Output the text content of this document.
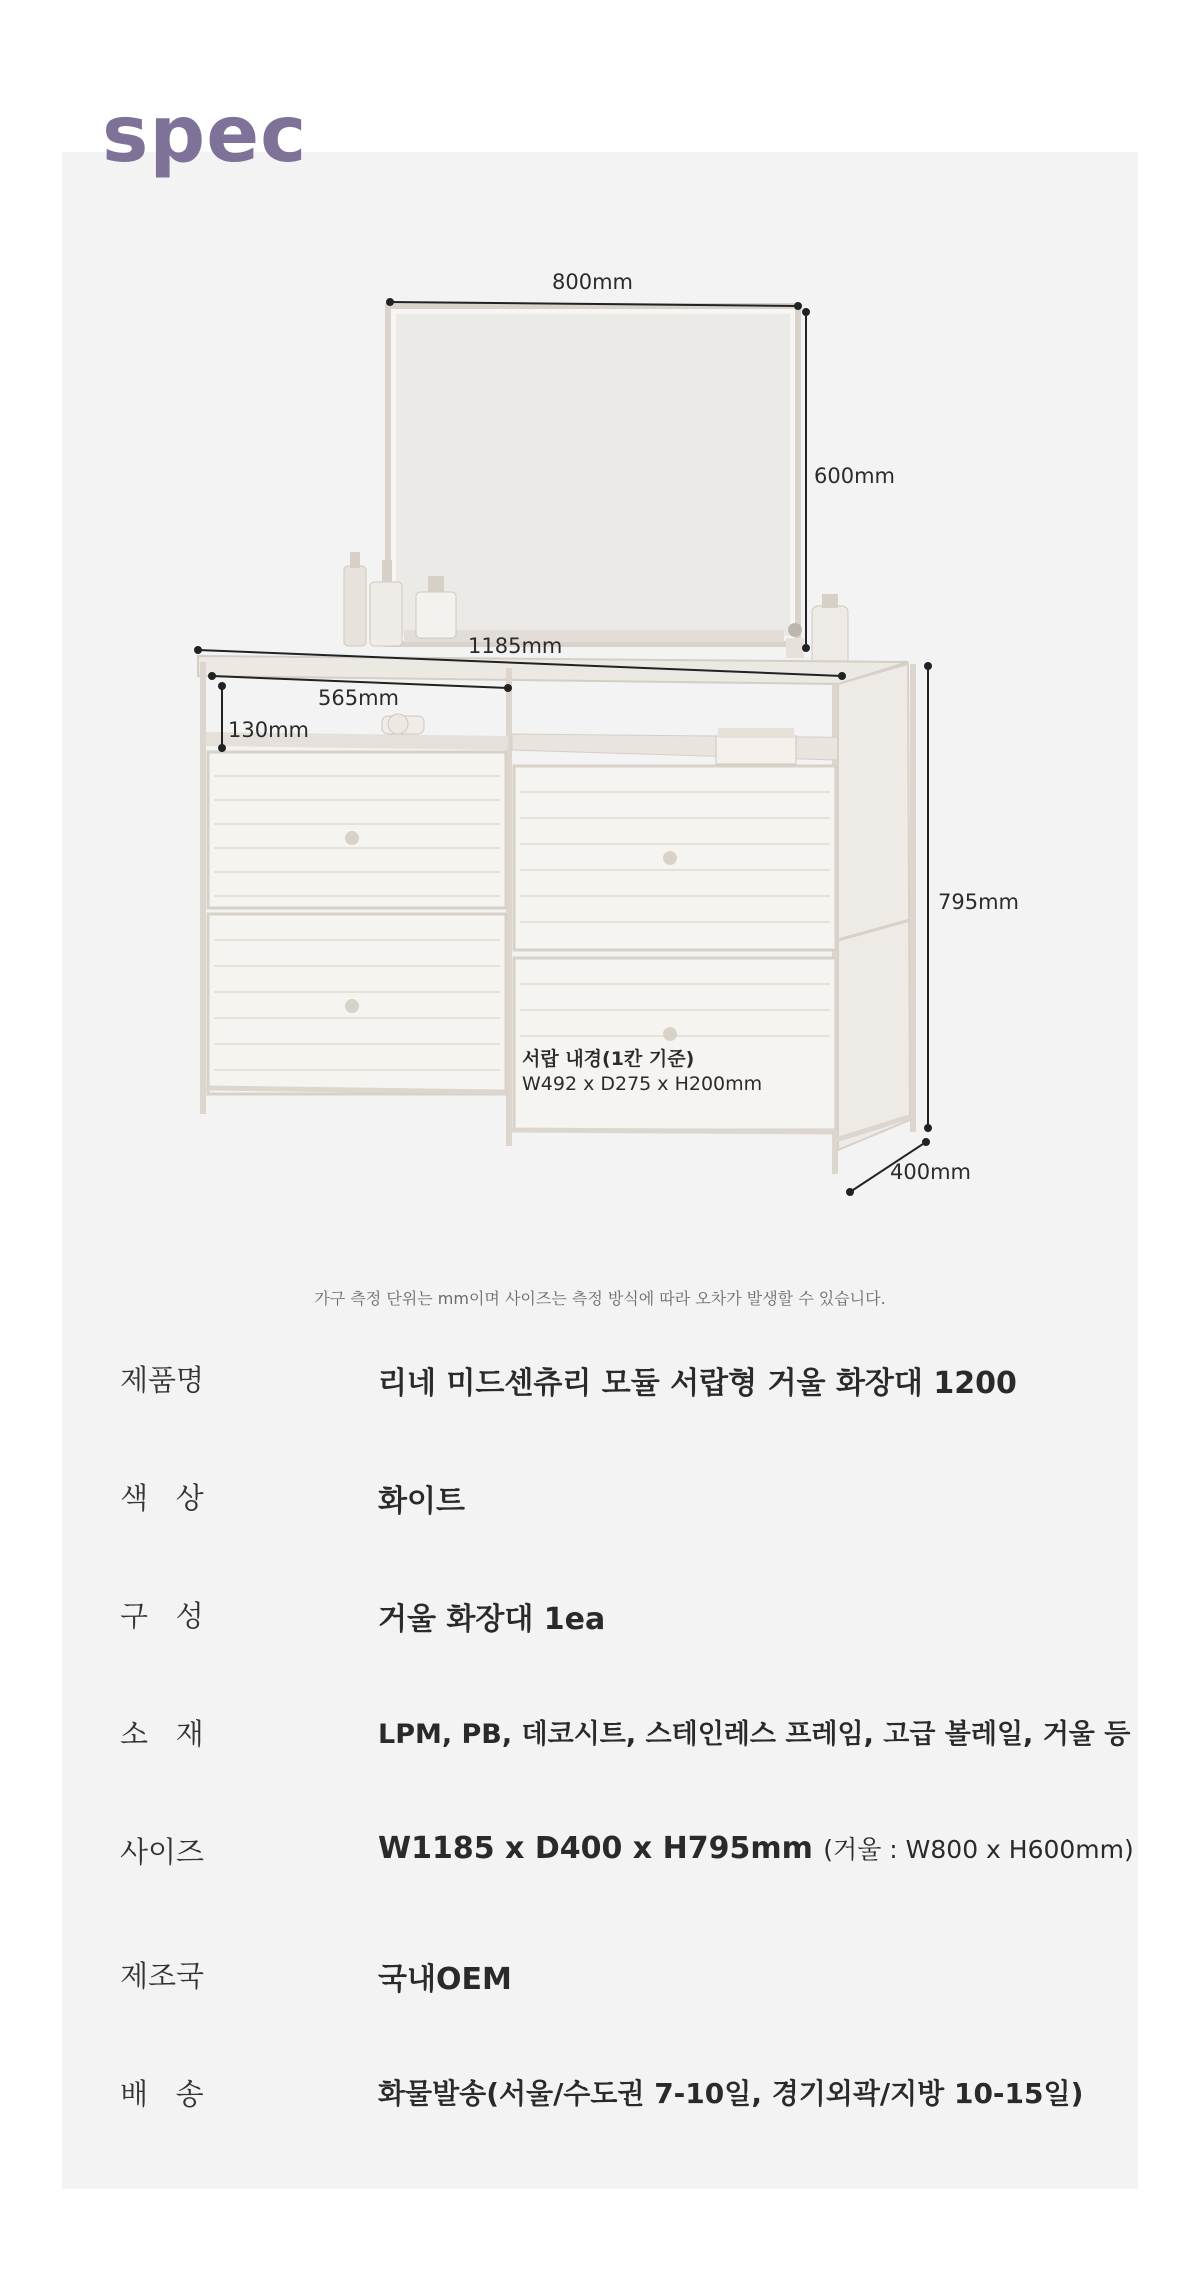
spec
800mm
600mm
1185mm
565mm
130mm
795mm
400mm
서랍 내경(1칸 기준)
W492 x D275 x H200mm
가구 측정 단위는 mm이며 사이즈는 측정 방식에 따라 오차가 발생할 수 있습니다.
제품명	리네 미드센츄리 모듈 서랍형 거울 화장대 1200
색   상	화이트
구   성	거울 화장대 1ea
소   재	LPM, PB, 데코시트, 스테인레스 프레임, 고급 볼레일, 거울 등
사이즈	W1185 x D400 x H795mm (거울 : W800 x H600mm)
제조국	국내OEM
배   송	화물발송(서울/수도권 7-10일, 경기외곽/지방 10-15일)
